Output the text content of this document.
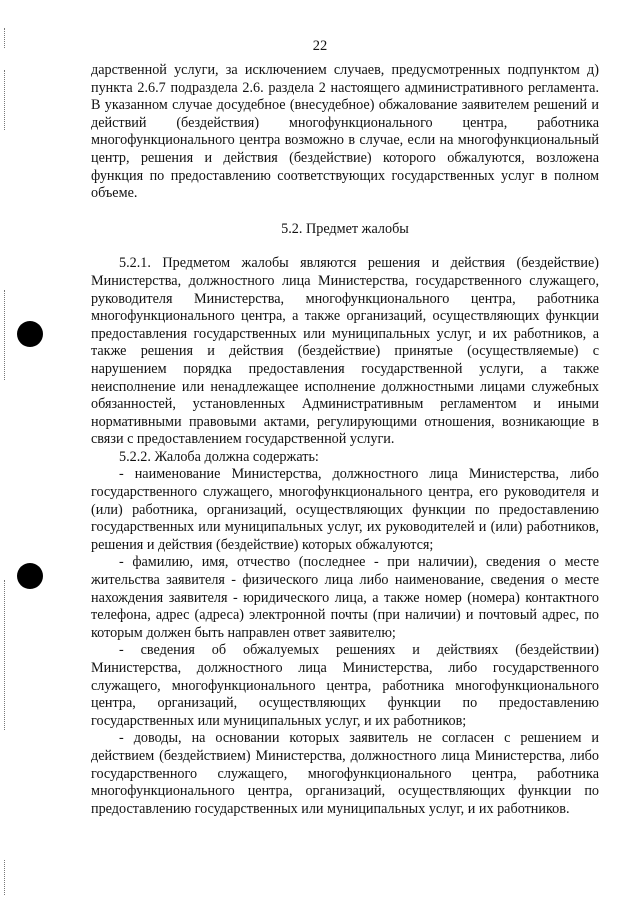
22

дарственной услуги, за исключением случаев, предусмотренных подпунктом д) пункта 2.6.7 подраздела 2.6. раздела 2 настоящего административного регламента. В указанном случае досудебное (внесудебное) обжалование заявителем решений и действий (бездействия) многофункционального центра, работника многофункционального центра возможно в случае, если на многофункциональный центр, решения и действия (бездействие) которого обжалуются, возложена функция по предоставлению соответствующих государственных услуг в полном объеме.

5.2. Предмет жалобы

5.2.1. Предметом жалобы являются решения и действия (бездействие) Министерства, должностного лица Министерства, государственного служащего, руководителя Министерства, многофункционального центра, работника многофункционального центра, а также организаций, осуществляющих функции предоставления государственных или муниципальных услуг, и их работников, а также решения и действия (бездействие) принятые (осуществляемые) с нарушением порядка предоставления государственной услуги, а также неисполнение или ненадлежащее исполнение должностными лицами служебных обязанностей, установленных Административным регламентом и иными нормативными правовыми актами, регулирующими отношения, возникающие в связи с предоставлением государственной услуги.

5.2.2. Жалоба должна содержать:

- наименование Министерства, должностного лица Министерства, либо государственного служащего, многофункционального центра, его руководителя и (или) работника, организаций, осуществляющих функции по предоставлению государственных или муниципальных услуг, их руководителей и (или) работников, решения и действия (бездействие) которых обжалуются;

- фамилию, имя, отчество (последнее - при наличии), сведения о месте жительства заявителя - физического лица либо наименование, сведения о месте нахождения заявителя - юридического лица, а также номер (номера) контактного телефона, адрес (адреса) электронной почты (при наличии) и почтовый адрес, по которым должен быть направлен ответ заявителю;

- сведения об обжалуемых решениях и действиях (бездействии) Министерства, должностного лица Министерства, либо государственного служащего, многофункционального центра, работника многофункционального центра, организаций, осуществляющих функции по предоставлению государственных или муниципальных услуг, и их работников;

- доводы, на основании которых заявитель не согласен с решением и действием (бездействием) Министерства, должностного лица Министерства, либо государственного служащего, многофункционального центра, работника многофункционального центра, организаций, осуществляющих функции по предоставлению государственных или муниципальных услуг, и их работников.
